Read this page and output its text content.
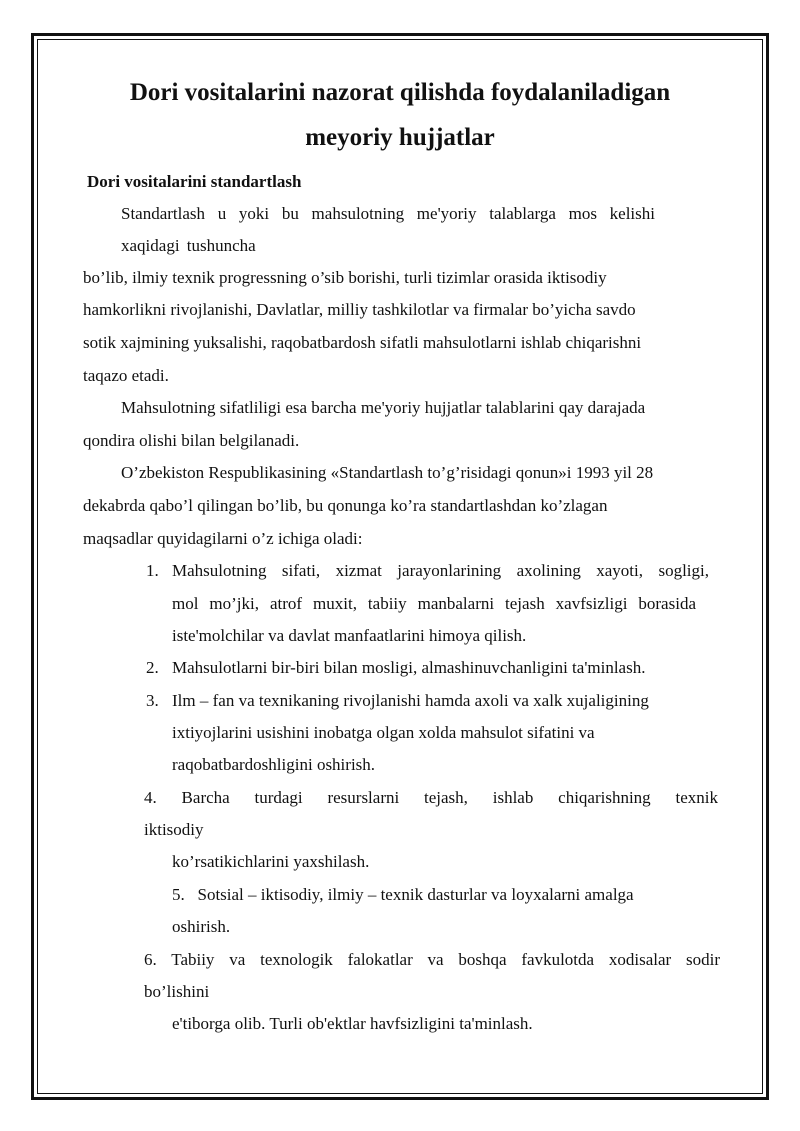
Dori vositalarini nazorat qilishda foydalaniladigan
meyoriy hujjatlar
Dori vositalarini standartlash
Standartlash u yoki bu mahsulotning me'yoriy talablarga mos kelishi
xaqidagi tushuncha
bo’lib, ilmiy texnik progressning o’sib borishi, turli tizimlar orasida iktisodiy
hamkorlikni rivojlanishi, Davlatlar, milliy tashkilotlar va firmalar bo’yicha savdo
sotik xajmining yuksalishi, raqobatbardosh sifatli mahsulotlarni ishlab chiqarishni
taqazo etadi.
Mahsulotning sifatliligi esa barcha me'yoriy hujjatlar talablarini qay darajada
qondira olishi bilan belgilanadi.
O’zbekiston Respublikasining «Standartlash to’g’risidagi qonun»i 1993 yil 28
dekabrda qabo’l qilingan bo’lib, bu qonunga ko’ra standartlashdan ko’zlagan
maqsadlar quyidagilarni o’z ichiga oladi:
1. Mahsulotning sifati, xizmat jarayonlarining axolining xayoti, sogligi,
mol mo’jki, atrof muxit, tabiiy manbalarni tejash xavfsizligi borasida
iste'molchilar va davlat manfaatlarini himoya qilish.
2. Mahsulotlarni bir-biri bilan mosligi, almashinuvchanligini ta'minlash.
3. Ilm – fan va texnikaning rivojlanishi hamda axoli va xalk xujaligining
ixtiyojlarini usishini inobatga olgan xolda mahsulot sifatini va
raqobatbardoshligini oshirish.
4. Barcha turdagi resurslarni tejash, ishlab chiqarishning texnik
iktisodiy
ko’rsatikichlarini yaxshilash.
5.   Sotsial – iktisodiy, ilmiy – texnik dasturlar va loyxalarni amalga
oshirish.
6. Tabiiy va texnologik falokatlar va boshqa favkulotda xodisalar sodir
bo’lishini
e'tiborga olib. Turli ob'ektlar havfsizligini ta'minlash.
